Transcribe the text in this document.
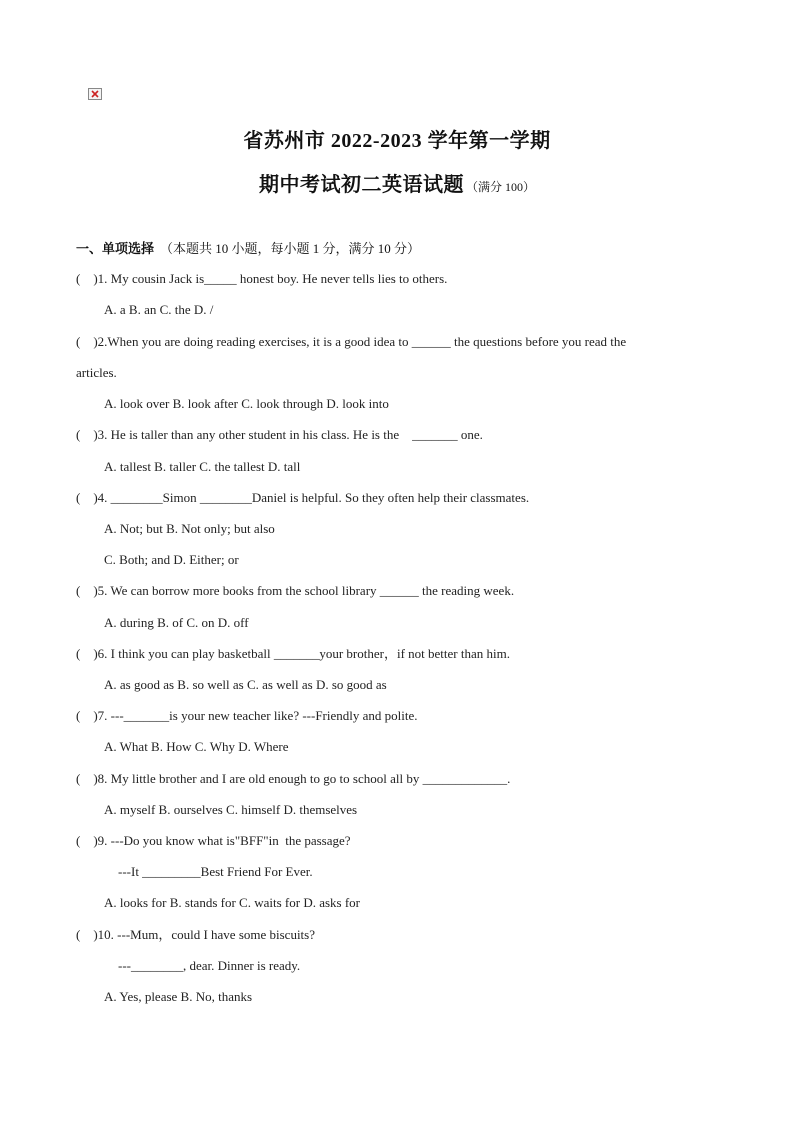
省苏州市 2022-2023 学年第一学期
期中考试初二英语试题 （满分 100）
一、单项选择 （本题共 10 小题，每小题 1 分，满分 10 分）
(    )1. My cousin Jack is_____ honest boy. He never tells lies to others.
A. a B. an C. the D. /
(    )2.When you are doing reading exercises, it is a good idea to ______ the questions before you read the
articles.
A. look over B. look after C. look through D. look into
(    )3. He is taller than any other student in his class. He is the    _______ one.
A. tallest B. taller C. the tallest D. tall
(    )4. ________Simon ________Daniel is helpful. So they often help their classmates.
A. Not; but B. Not only; but also
C. Both; and D. Either; or
(    )5. We can borrow more books from the school library ______ the reading week.
A. during B. of C. on D. off
(    )6. I think you can play basketball _______your brother，if not better than him.
A. as good as B. so well as C. as well as D. so good as
(    )7. ---_______is your new teacher like? ---Friendly and polite.
A. What B. How C. Why D. Where
(    )8. My little brother and I are old enough to go to school all by _____________.
A. myself B. ourselves C. himself D. themselves
(    )9. ---Do you know what is"BFF"in  the passage?
---It _________Best Friend For Ever.
A. looks for B. stands for C. waits for D. asks for
(    )10. ---Mum，could I have some biscuits?
---________, dear. Dinner is ready.
A. Yes, please B. No, thanks
